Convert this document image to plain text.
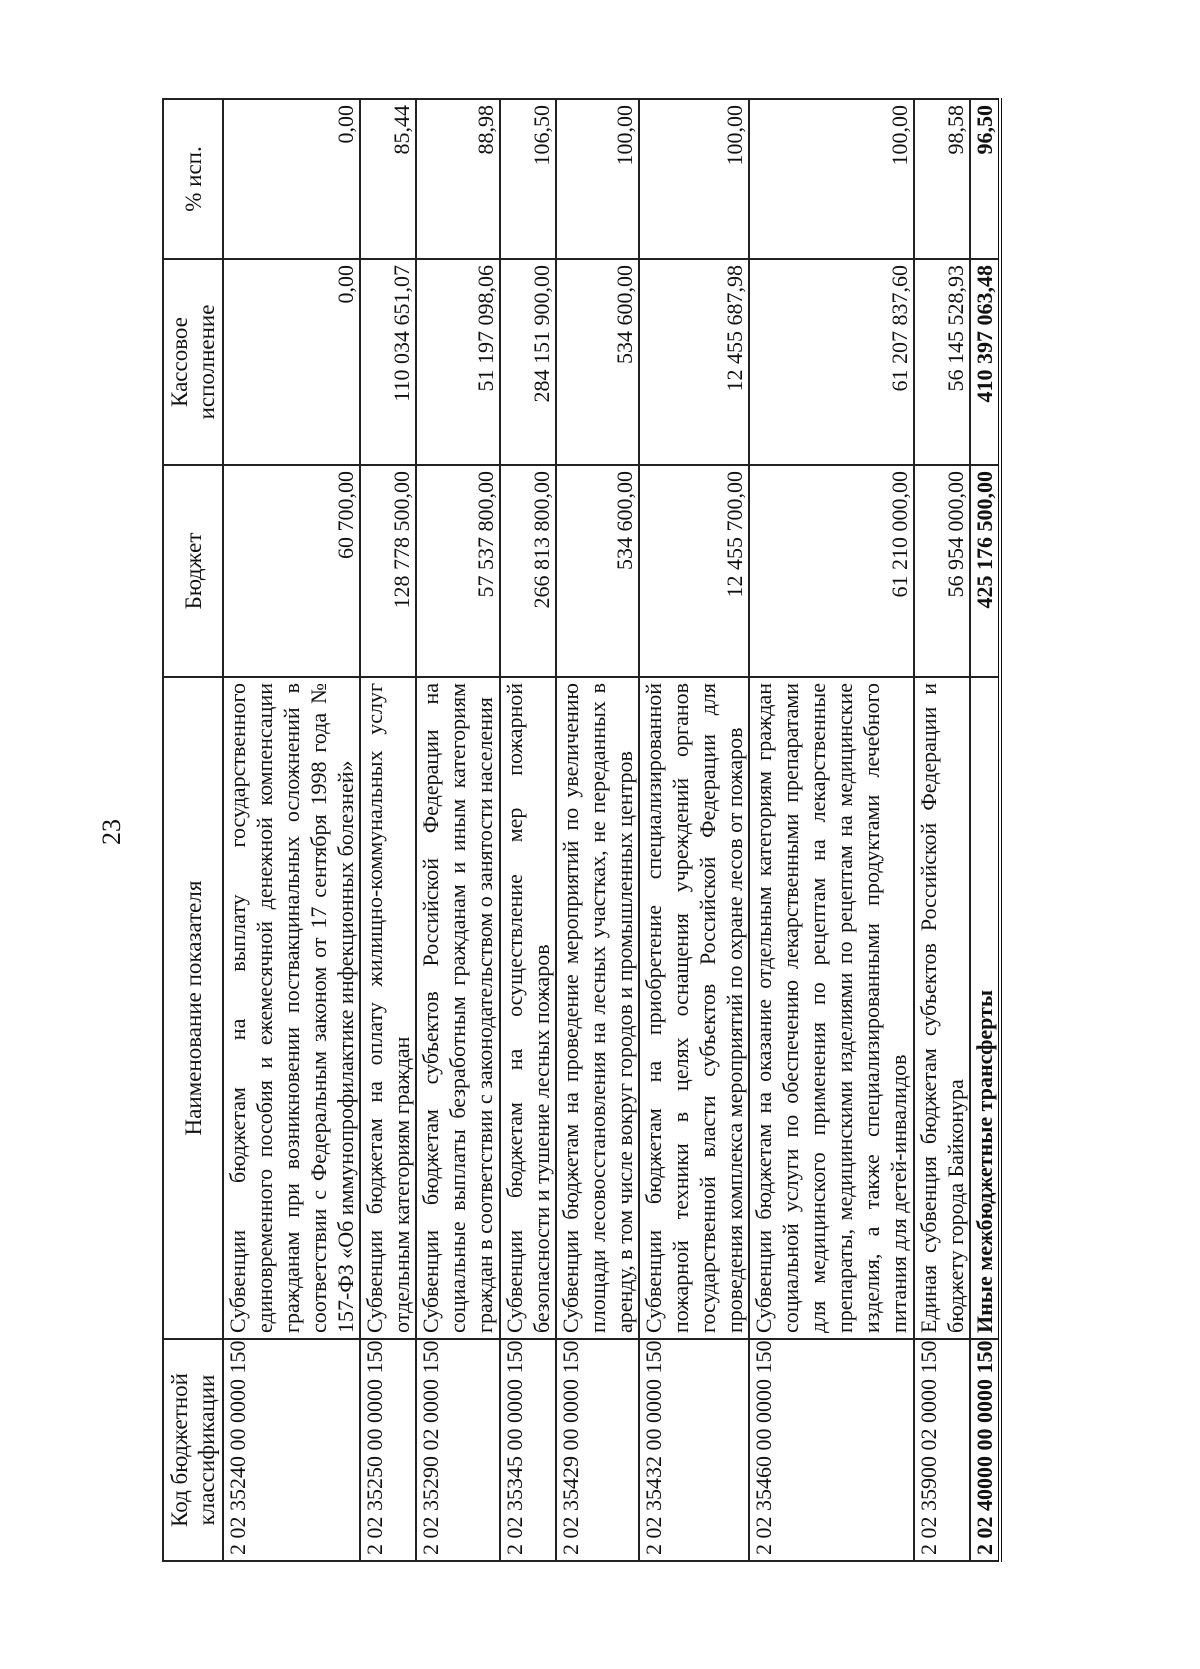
23
Код бюджетной классификации	Наименование показателя	Бюджет	Кассовое исполнение	% исп.
2 02 35240 00 0000 150	Субвенции бюджетам на выплату государственного единовременного пособия и ежемесячной денежной компенсации гражданам при возникновении поствакцинальных осложнений в соответствии с Федеральным законом от 17 сентября 1998 года № 157-ФЗ «Об иммунопрофилактике инфекционных болезней»	60 700,00	0,00	0,00
2 02 35250 00 0000 150	Субвенции бюджетам на оплату жилищно-коммунальных услуг отдельным категориям граждан	128 778 500,00	110 034 651,07	85,44
2 02 35290 02 0000 150	Субвенции бюджетам субъектов Российской Федерации на социальные выплаты безработным гражданам и иным категориям граждан в соответствии с законодательством о занятости населения	57 537 800,00	51 197 098,06	88,98
2 02 35345 00 0000 150	Субвенции бюджетам на осуществление мер пожарной безопасности и тушение лесных пожаров	266 813 800,00	284 151 900,00	106,50
2 02 35429 00 0000 150	Субвенции бюджетам на проведение мероприятий по увеличению площади лесовосстановления на лесных участках, не переданных в аренду, в том числе вокруг городов и промышленных центров	534 600,00	534 600,00	100,00
2 02 35432 00 0000 150	Субвенции бюджетам на приобретение специализированной пожарной техники в целях оснащения учреждений органов государственной власти субъектов Российской Федерации для проведения комплекса мероприятий по охране лесов от пожаров	12 455 700,00	12 455 687,98	100,00
2 02 35460 00 0000 150	Субвенции бюджетам на оказание отдельным категориям граждан социальной услуги по обеспечению лекарственными препаратами для медицинского применения по рецептам на лекарственные препараты, медицинскими изделиями по рецептам на медицинские изделия, а также специализированными продуктами лечебного питания для детей-инвалидов	61 210 000,00	61 207 837,60	100,00
2 02 35900 02 0000 150	Единая субвенция бюджетам субъектов Российской Федерации и бюджету города Байконура	56 954 000,00	56 145 528,93	98,58
2 02 40000 00 0000 150	Иные межбюджетные трансферты	425 176 500,00	410 397 063,48	96,50
